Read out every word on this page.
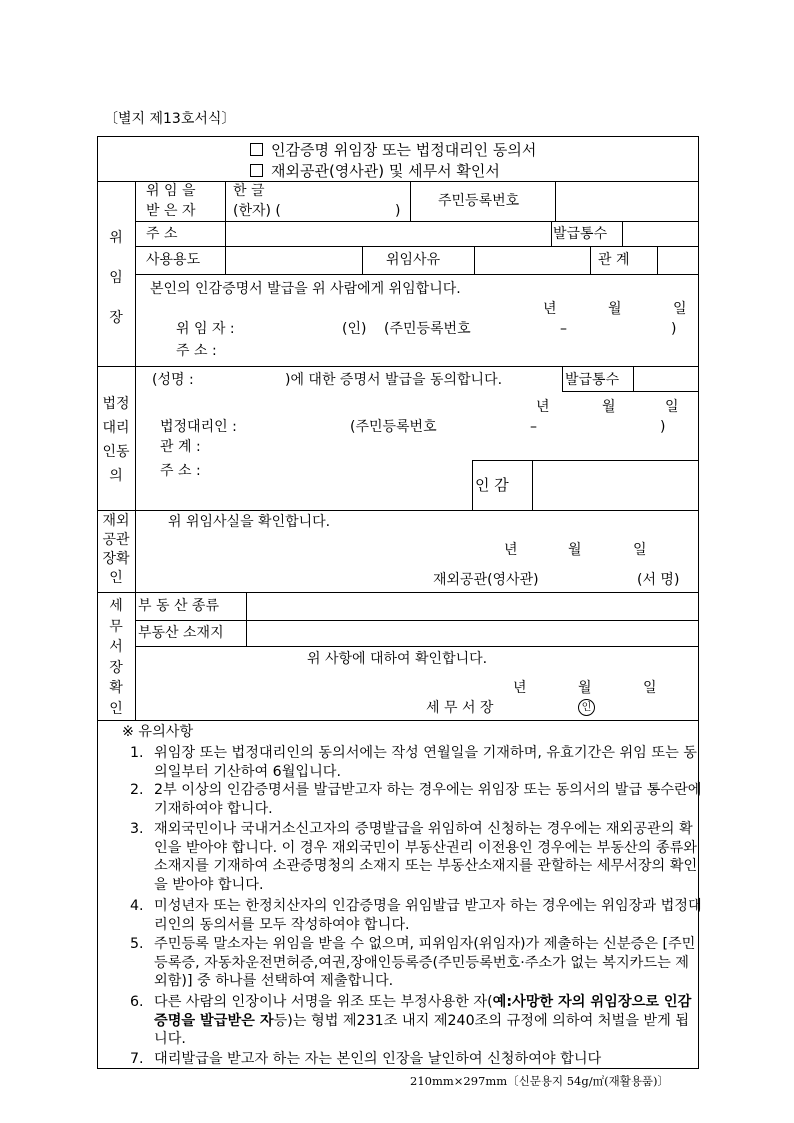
〔별지 제13호서식〕
인감증명 위임장 또는 법정대리인 동의서
재외공관(영사관) 및 세무서 확인서
위
임
장
위 임 을
받 은 자
한 글
(한자) (	)
주민등록번호
주 소	발급통수
사용용도	위임사유	관 계
본인의 인감증명서 발급을 위 사람에게 위임합니다.
년	월	일
위 임 자 :	(인) (주민등록번호	–	)
주 소 :
법정
대리
인동
의
(성명 :	)에 대한 증명서 발급을 동의합니다.	발급통수
년	월	일
법정대리인 :	(주민등록번호	–	)
관 계 :
주 소 :
인 감
재외
공관
장확
인
위 위임사실을 확인합니다.
년	월	일
재외공관(영사관)	(서 명)
세
무
서
장
확
인
부 동 산 종류
부동산 소재지
위 사항에 대하여 확인합니다.
년	월	일
세 무 서 장	인
※ 유의사항
1. 위임장 또는 법정대리인의 동의서에는 작성 연월일을 기재하며, 유효기간은 위임 또는 동의일부터 기산하여 6월입니다.
2. 2부 이상의 인감증명서를 발급받고자 하는 경우에는 위임장 또는 동의서의 발급 통수란에 기재하여야 합니다.
3. 재외국민이나 국내거소신고자의 증명발급을 위임하여 신청하는 경우에는 재외공관의 확인을 받아야 합니다. 이 경우 재외국민이 부동산권리 이전용인 경우에는 부동산의 종류와 소재지를 기재하여 소관증명청의 소재지 또는 부동산소재지를 관할하는 세무서장의 확인을 받아야 합니다.
4. 미성년자 또는 한정치산자의 인감증명을 위임발급 받고자 하는 경우에는 위임장과 법정대리인의 동의서를 모두 작성하여야 합니다.
5. 주민등록 말소자는 위임을 받을 수 없으며, 피위임자(위임자)가 제출하는 신분증은 [주민등록증, 자동차운전면허증,여권,장애인등록증(주민등록번호·주소가 없는 복지카드는 제외함)] 중 하나를 선택하여 제출합니다.
6. 다른 사람의 인장이나 서명을 위조 또는 부정사용한 자(예:사망한 자의 위임장으로 인감증명을 발급받은 자등)는 형법 제231조 내지 제240조의 규정에 의하여 처벌을 받게 됩니다.
7. 대리발급을 받고자 하는 자는 본인의 인장을 날인하여 신청하여야 합니다
210mm×297mm〔신문용지 54g/㎡(재활용품)〕
